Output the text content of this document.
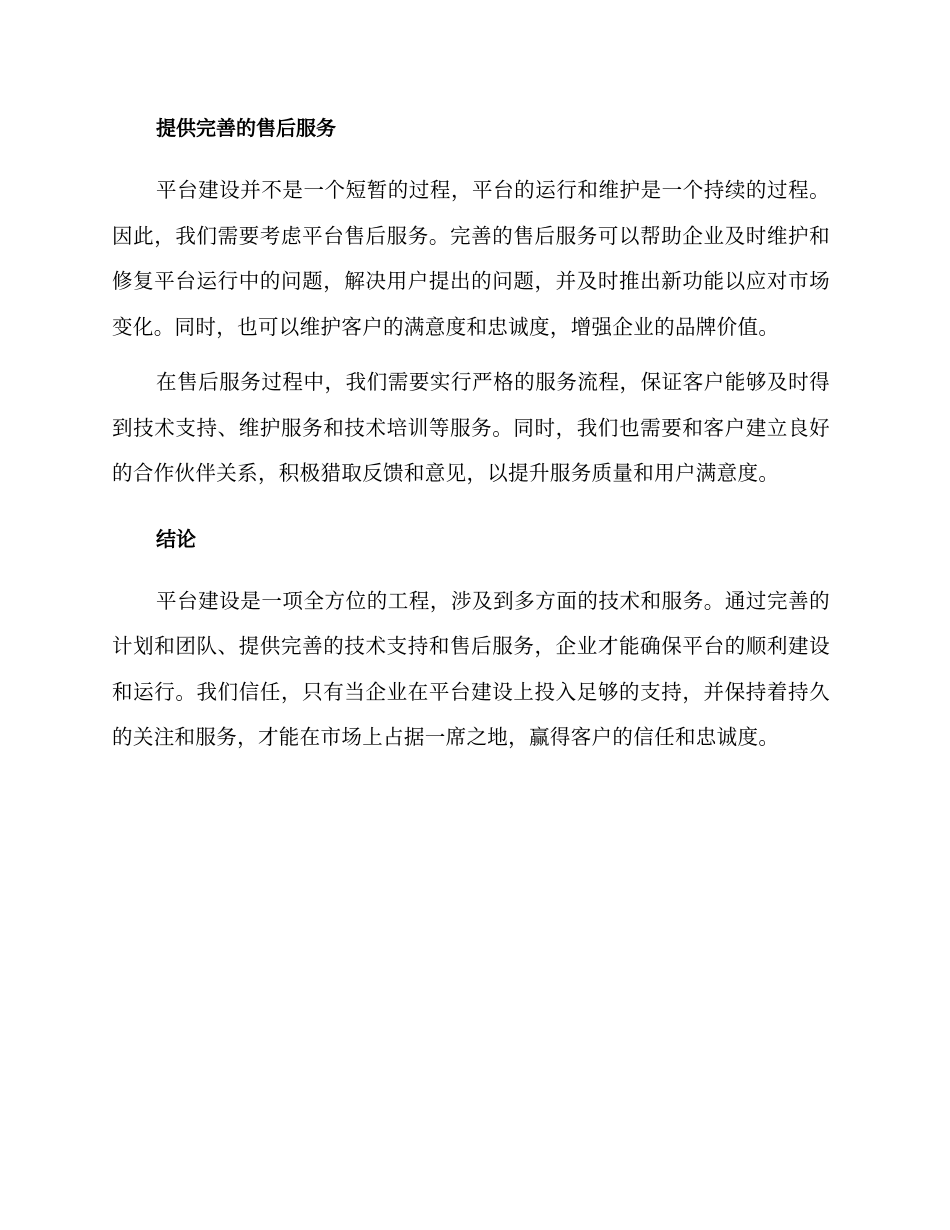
提供完善的售后服务

平台建设并不是一个短暂的过程，平台的运行和维护是一个持续的过程。因此，我们需要考虑平台售后服务。完善的售后服务可以帮助企业及时维护和修复平台运行中的问题，解决用户提出的问题，并及时推出新功能以应对市场变化。同时，也可以维护客户的满意度和忠诚度，增强企业的品牌价值。

在售后服务过程中，我们需要实行严格的服务流程，保证客户能够及时得到技术支持、维护服务和技术培训等服务。同时，我们也需要和客户建立良好的合作伙伴关系，积极猎取反馈和意见，以提升服务质量和用户满意度。

结论

平台建设是一项全方位的工程，涉及到多方面的技术和服务。通过完善的计划和团队、提供完善的技术支持和售后服务，企业才能确保平台的顺利建设和运行。我们信任，只有当企业在平台建设上投入足够的支持，并保持着持久的关注和服务，才能在市场上占据一席之地，赢得客户的信任和忠诚度。
